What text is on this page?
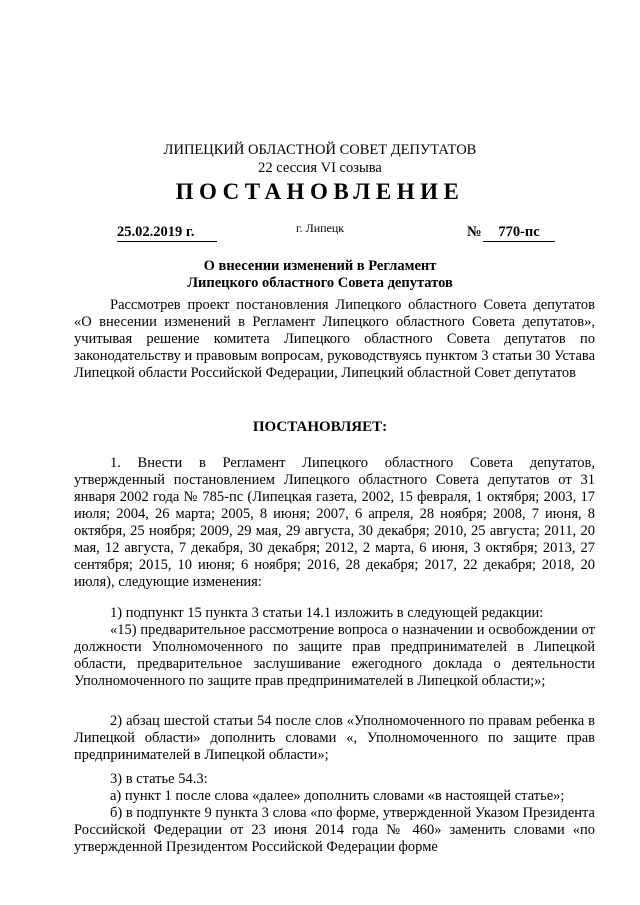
ЛИПЕЦКИЙ ОБЛАСТНОЙ СОВЕТ ДЕПУТАТОВ
22 сессия VI созыва
ПОСТАНОВЛЕНИЕ
25.02.2019 г.	г. Липецк	№	770-пс
О внесении изменений в Регламент
Липецкого областного Совета депутатов

Рассмотрев проект постановления Липецкого областного Совета депутатов «О внесении изменений в Регламент Липецкого областного Совета депутатов», учитывая решение комитета Липецкого областного Совета депутатов по законодательству и правовым вопросам, руководствуясь пунктом 3 статьи 30 Устава Липецкой области Российской Федерации, Липецкий областной Совет депутатов

ПОСТАНОВЛЯЕТ:

1. Внести в Регламент Липецкого областного Совета депутатов, утвержденный постановлением Липецкого областного Совета депутатов от 31 января 2002 года № 785-пс (Липецкая газета, 2002, 15 февраля, 1 октября; 2003, 17 июля; 2004, 26 марта; 2005, 8 июня; 2007, 6 апреля, 28 ноября; 2008, 7 июня, 8 октября, 25 ноября; 2009, 29 мая, 29 августа, 30 декабря; 2010, 25 августа; 2011, 20 мая, 12 августа, 7 декабря, 30 декабря; 2012, 2 марта, 6 июня, 3 октября; 2013, 27 сентября; 2015, 10 июня; 6 ноября; 2016, 28 декабря; 2017, 22 декабря; 2018, 20 июля), следующие изменения:

1) подпункт 15 пункта 3 статьи 14.1 изложить в следующей редакции:

«15) предварительное рассмотрение вопроса о назначении и освобождении от должности Уполномоченного по защите прав предпринимателей в Липецкой области, предварительное заслушивание ежегодного доклада о деятельности Уполномоченного по защите прав предпринимателей в Липецкой области;»;

2) абзац шестой статьи 54 после слов «Уполномоченного по правам ребенка в Липецкой области» дополнить словами «, Уполномоченного по защите прав предпринимателей в Липецкой области»;

3) в статье 54.3:

а) пункт 1 после слова «далее» дополнить словами «в настоящей статье»;

б) в подпункте 9 пункта 3 слова «по форме, утвержденной Указом Президента Российской Федерации от 23 июня 2014 года № 460» заменить словами «по утвержденной Президентом Российской Федерации форме
